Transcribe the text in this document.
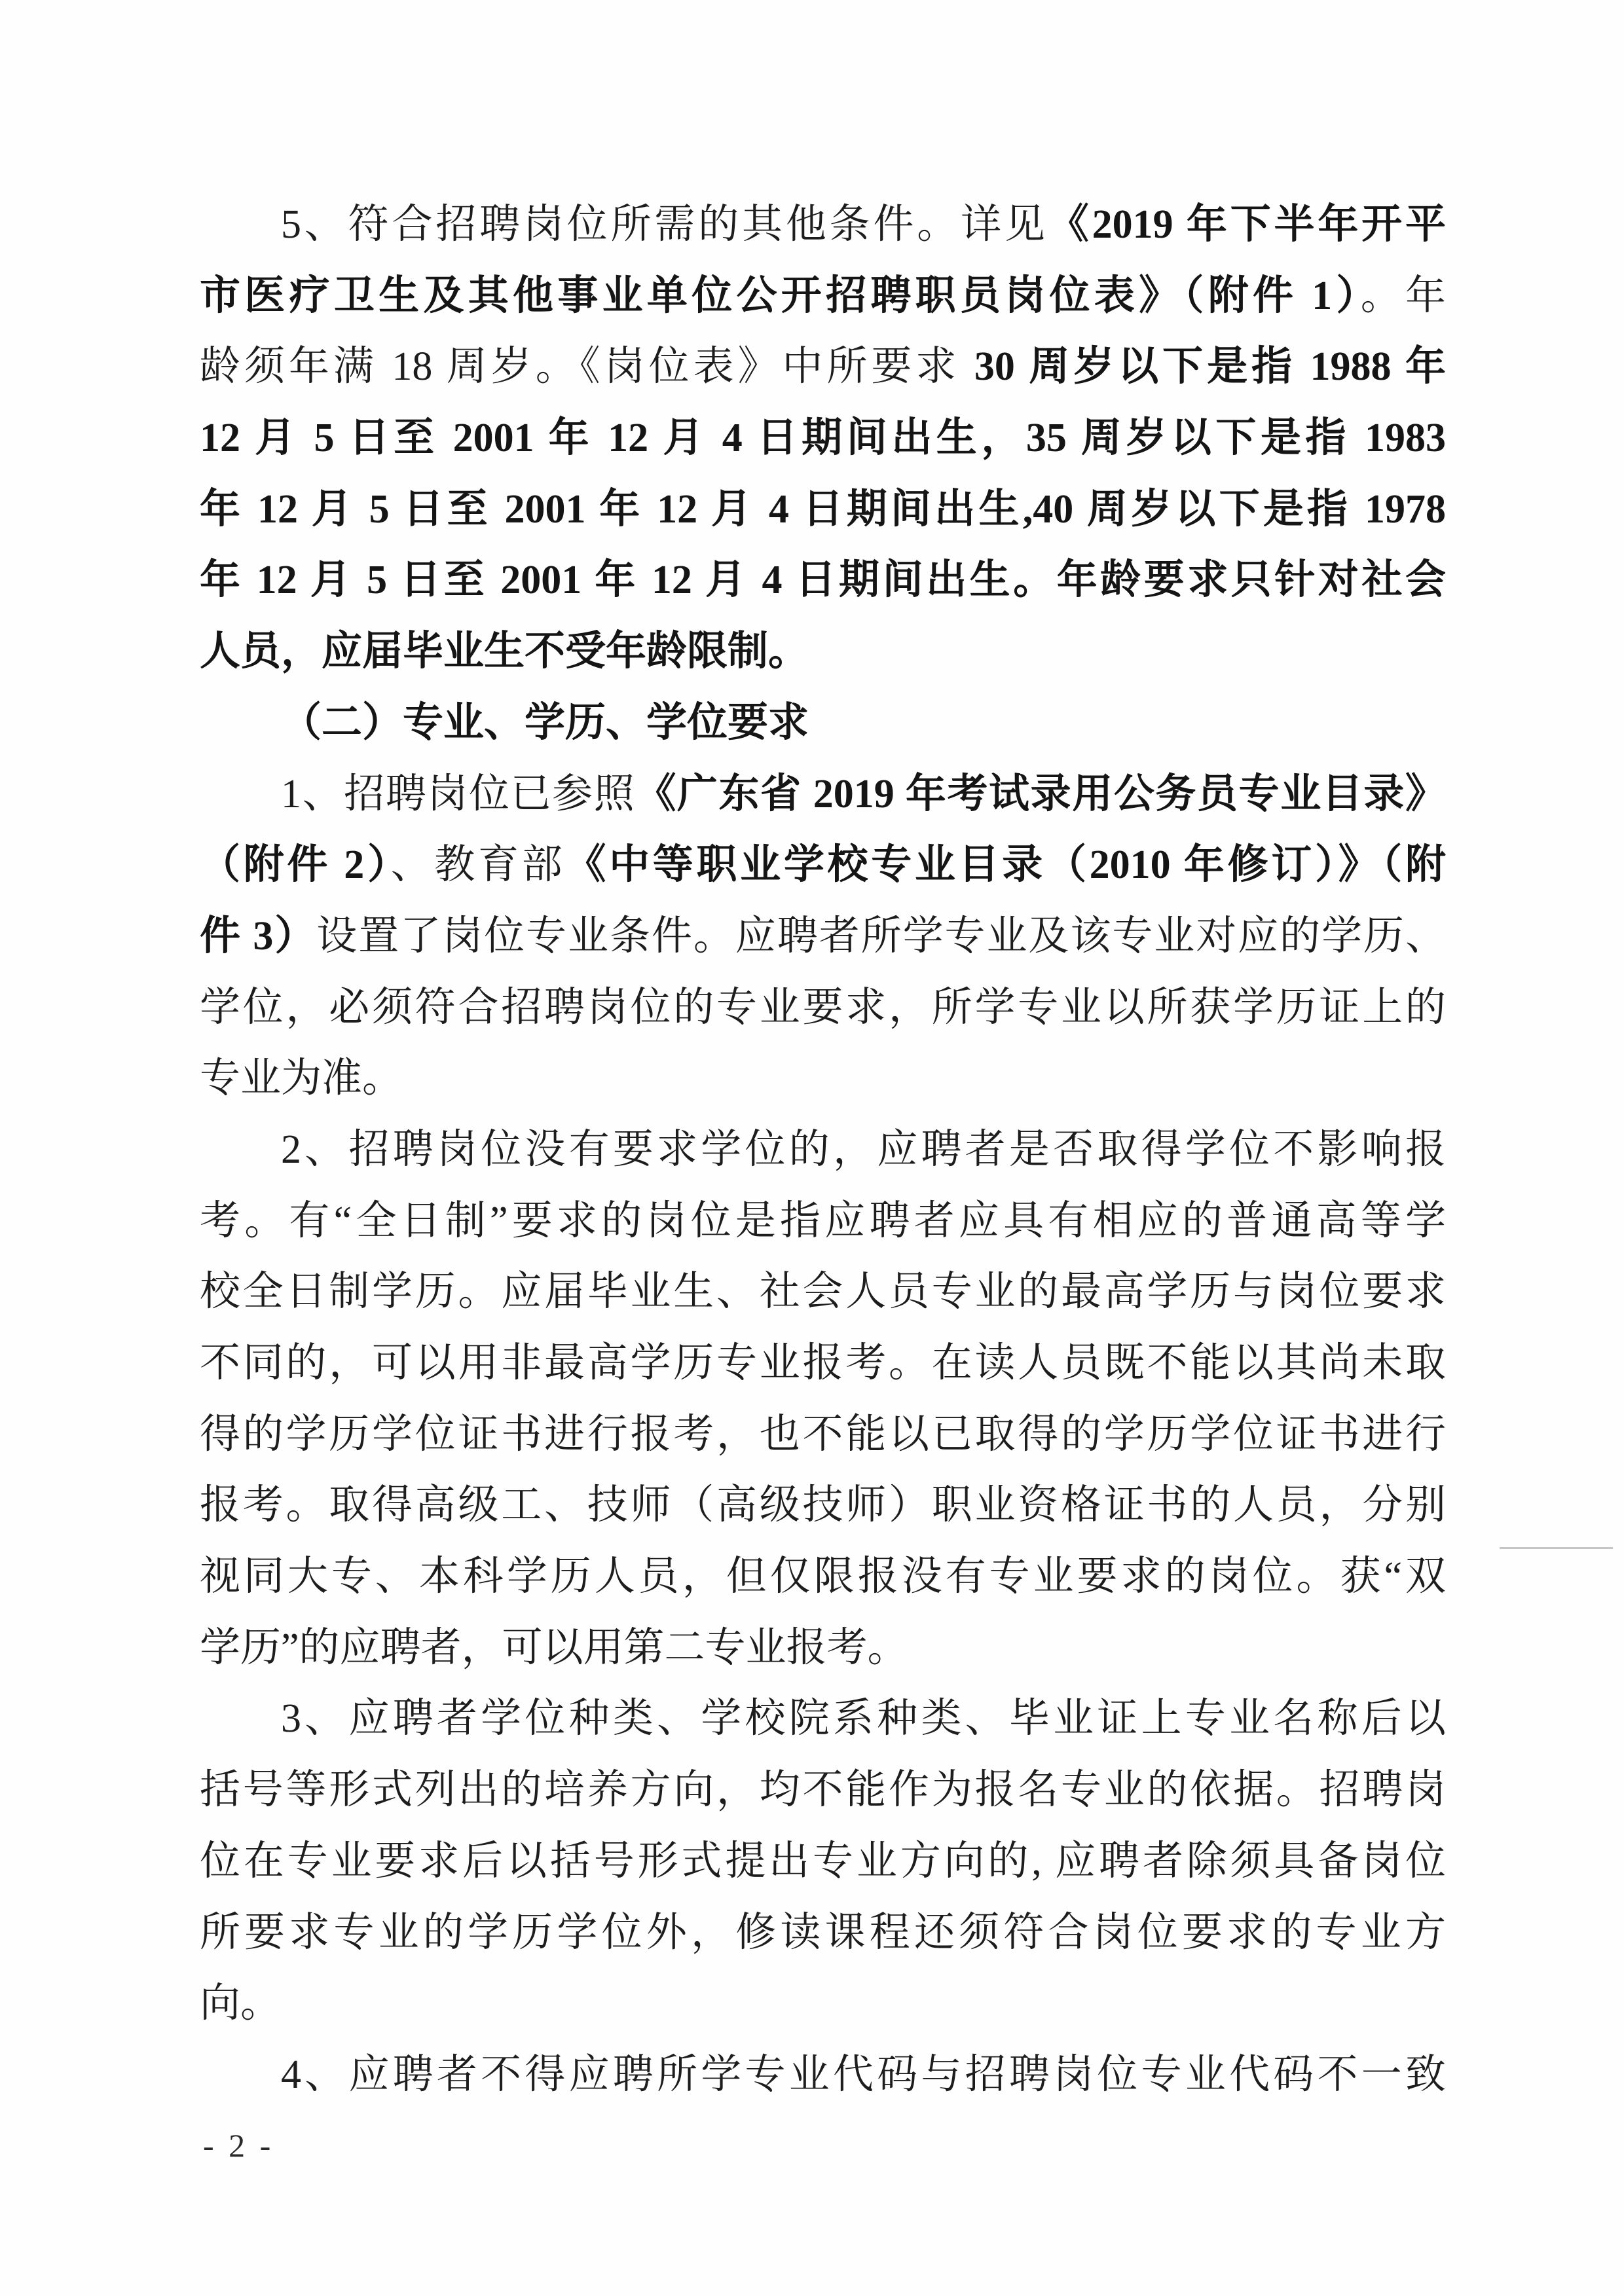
5、符合招聘岗位所需的其他条件。详见《2019 年下半年开平
市医疗卫生及其他事业单位公开招聘职员岗位表》（附件 1）。年
龄须年满 18 周岁。《岗位表》中所要求 30 周岁以下是指 1988 年
12 月 5 日至 2001 年 12 月 4 日期间出生，35 周岁以下是指 1983
年 12 月 5 日至 2001 年 12 月 4 日期间出生,40 周岁以下是指 1978
年 12 月 5 日至 2001 年 12 月 4 日期间出生。年龄要求只针对社会
人员，应届毕业生不受年龄限制。
（二）专业、学历、学位要求
1、招聘岗位已参照《广东省 2019 年考试录用公务员专业目录》
（附件 2）、教育部《中等职业学校专业目录（2010 年修订）》（附
件 3）设置了岗位专业条件。应聘者所学专业及该专业对应的学历、
学位，必须符合招聘岗位的专业要求，所学专业以所获学历证上的
专业为准。
2、招聘岗位没有要求学位的，应聘者是否取得学位不影响报
考。有“全日制”要求的岗位是指应聘者应具有相应的普通高等学
校全日制学历。应届毕业生、社会人员专业的最高学历与岗位要求
不同的，可以用非最高学历专业报考。在读人员既不能以其尚未取
得的学历学位证书进行报考，也不能以已取得的学历学位证书进行
报考。取得高级工、技师（高级技师）职业资格证书的人员，分别
视同大专、本科学历人员，但仅限报没有专业要求的岗位。获“双
学历”的应聘者，可以用第二专业报考。
3、应聘者学位种类、学校院系种类、毕业证上专业名称后以
括号等形式列出的培养方向，均不能作为报名专业的依据。招聘岗
位在专业要求后以括号形式提出专业方向的, 应聘者除须具备岗位
所要求专业的学历学位外，修读课程还须符合岗位要求的专业方
向。
4、应聘者不得应聘所学专业代码与招聘岗位专业代码不一致
- 2 -
